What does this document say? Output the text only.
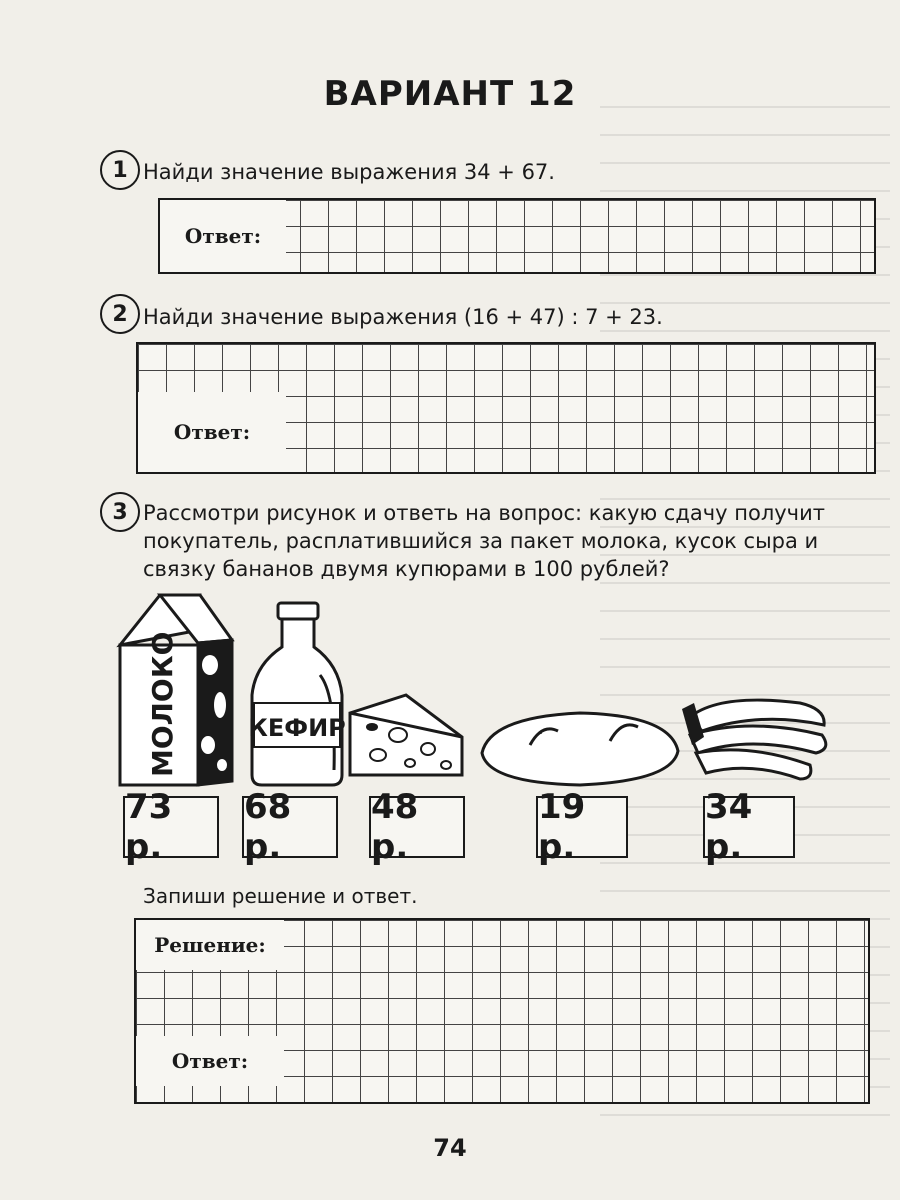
ВАРИАНТ 12
1 Найди значение выражения 34 + 67.
Ответ:
2 Найди значение выражения (16 + 47) : 7 + 23.
Ответ:
3 Рассмотри рисунок и ответь на вопрос: какую сдачу получит покупатель, расплатившийся за пакет молока, кусок сыра и связку бананов двумя купюрами в 100 рублей?
МОЛОКО	КЕФИР
73 р.
68 р.
48 р.
19 р.
34 р.
Запиши решение и ответ.
Решение:
Ответ:
74
